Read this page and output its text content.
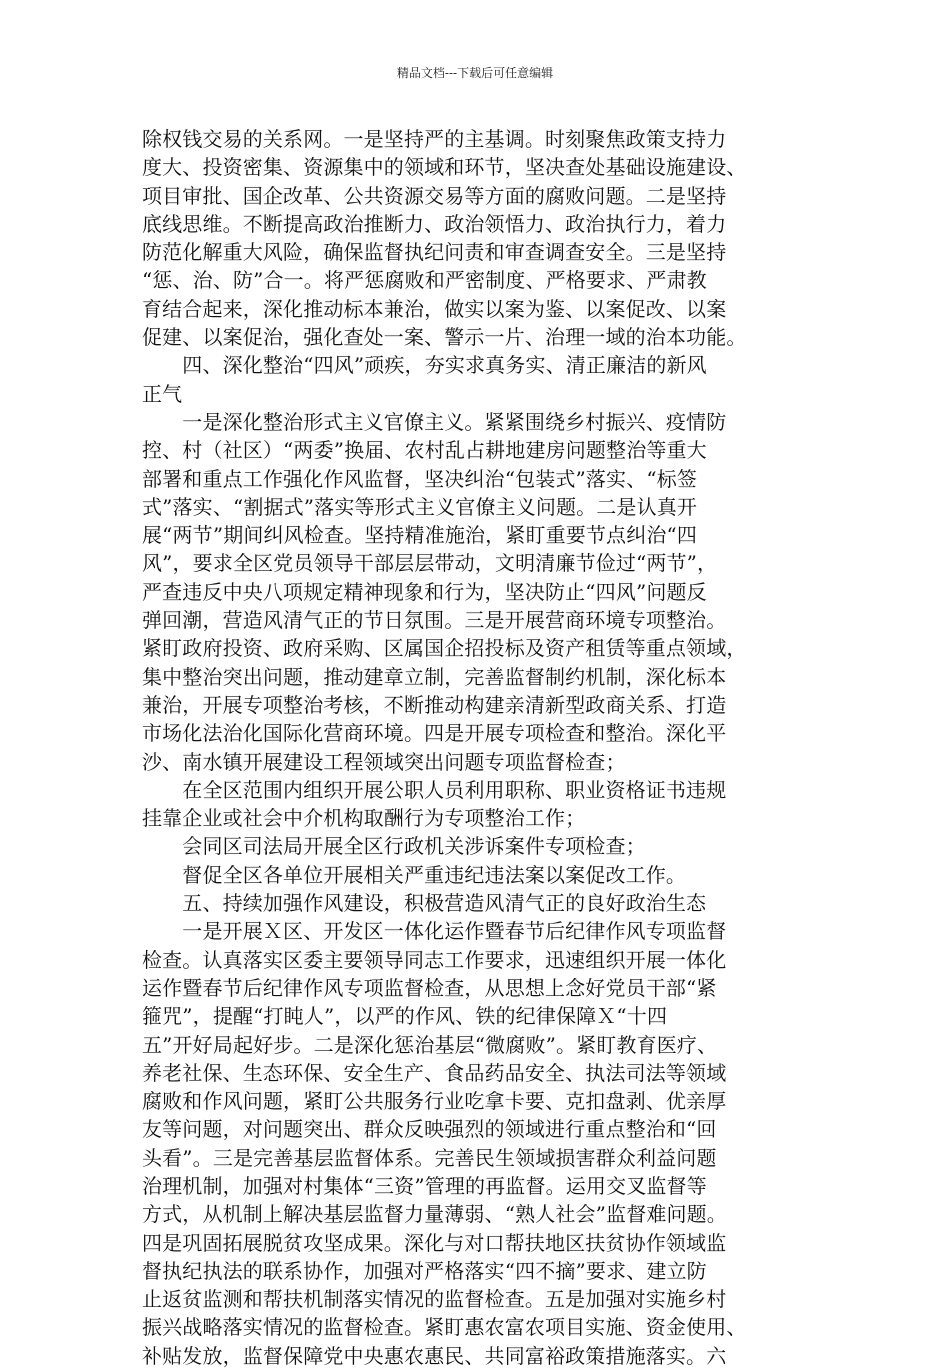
精品文档---下载后可任意编辑

除权钱交易的关系网。一是坚持严的主基调。时刻聚焦政策支持力

度大、投资密集、资源集中的领域和环节，坚决查处基础设施建设、

项目审批、国企改革、公共资源交易等方面的腐败问题。二是坚持

底线思维。不断提高政治推断力、政治领悟力、政治执行力，着力

防范化解重大风险，确保监督执纪问责和审查调查安全。三是坚持

“惩、治、防”合一。将严惩腐败和严密制度、严格要求、严肃教

育结合起来，深化推动标本兼治，做实以案为鉴、以案促改、以案

促建、以案促治，强化查处一案、警示一片、治理一域的治本功能。

　　四、深化整治“四风”顽疾，夯实求真务实、清正廉洁的新风

正气

　　一是深化整治形式主义官僚主义。紧紧围绕乡村振兴、疫情防

控、村（社区）“两委”换届、农村乱占耕地建房问题整治等重大

部署和重点工作强化作风监督，坚决纠治“包装式”落实、“标签

式”落实、“割据式”落实等形式主义官僚主义问题。二是认真开

展“两节”期间纠风检查。坚持精准施治，紧盯重要节点纠治“四

风”，要求全区党员领导干部层层带动，文明清廉节俭过“两节”，

严查违反中央八项规定精神现象和行为，坚决防止“四风”问题反

弹回潮，营造风清气正的节日氛围。三是开展营商环境专项整治。

紧盯政府投资、政府采购、区属国企招投标及资产租赁等重点领域，

集中整治突出问题，推动建章立制，完善监督制约机制，深化标本

兼治，开展专项整治考核，不断推动构建亲清新型政商关系、打造

市场化法治化国际化营商环境。四是开展专项检查和整治。深化平

沙、南水镇开展建设工程领域突出问题专项监督检查；

　　在全区范围内组织开展公职人员利用职称、职业资格证书违规

挂靠企业或社会中介机构取酬行为专项整治工作；

　　会同区司法局开展全区行政机关涉诉案件专项检查；

　　督促全区各单位开展相关严重违纪违法案以案促改工作。

　　五、持续加强作风建设，积极营造风清气正的良好政治生态

　　一是开展Ｘ区、开发区一体化运作暨春节后纪律作风专项监督

检查。认真落实区委主要领导同志工作要求，迅速组织开展一体化

运作暨春节后纪律作风专项监督检查，从思想上念好党员干部“紧

箍咒”，提醒“打盹人”，以严的作风、铁的纪律保障Ｘ“十四

五”开好局起好步。二是深化惩治基层“微腐败”。紧盯教育医疗、

养老社保、生态环保、安全生产、食品药品安全、执法司法等领域

腐败和作风问题，紧盯公共服务行业吃拿卡要、克扣盘剥、优亲厚

友等问题，对问题突出、群众反映强烈的领域进行重点整治和“回

头看”。三是完善基层监督体系。完善民生领域损害群众利益问题

治理机制，加强对村集体“三资”管理的再监督。运用交叉监督等

方式，从机制上解决基层监督力量薄弱、“熟人社会”监督难问题。

四是巩固拓展脱贫攻坚成果。深化与对口帮扶地区扶贫协作领域监

督执纪执法的联系协作，加强对严格落实“四不摘”要求、建立防

止返贫监测和帮扶机制落实情况的监督检查。五是加强对实施乡村

振兴战略落实情况的监督检查。紧盯惠农富农项目实施、资金使用、

补贴发放，监督保障党中央惠农惠民、共同富裕政策措施落实。六
